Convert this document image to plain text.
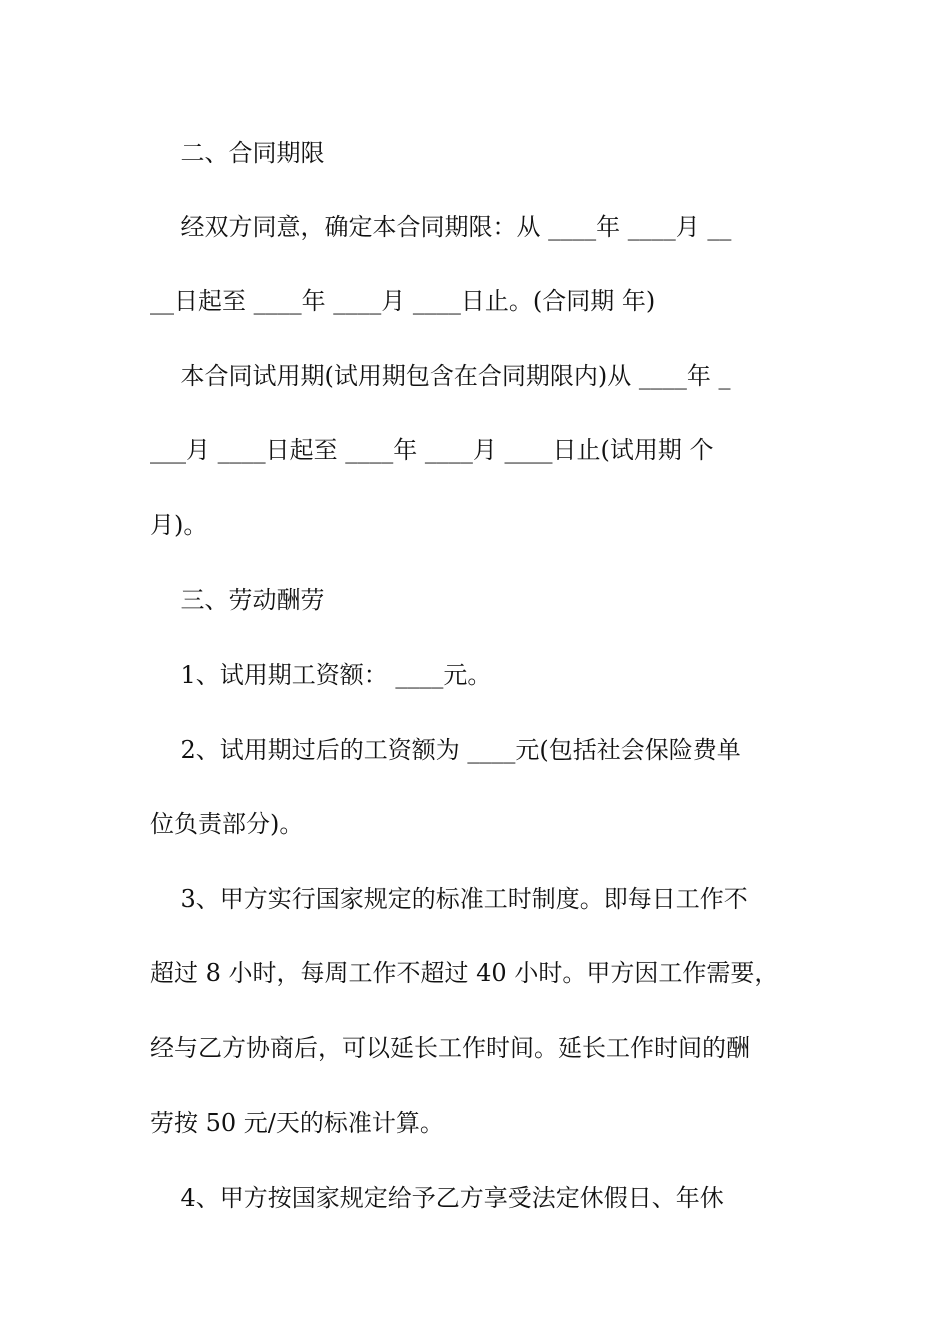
二、合同期限
经双方同意，确定本合同期限：从 ____年 ____月 __
__日起至 ____年 ____月 ____日止。(合同期 年)
本合同试用期(试用期包含在合同期限内)从 ____年 _
___月 ____日起至 ____年 ____月 ____日止(试用期 个
月)。
三、劳动酬劳
1、试用期工资额： ____元。
2、试用期过后的工资额为 ____元(包括社会保险费单
位负责部分)。
3、甲方实行国家规定的标准工时制度。即每日工作不
超过 8 小时，每周工作不超过 40 小时。甲方因工作需要，
经与乙方协商后，可以延长工作时间。延长工作时间的酬
劳按 50 元/天的标准计算。
4、甲方按国家规定给予乙方享受法定休假日、年休
